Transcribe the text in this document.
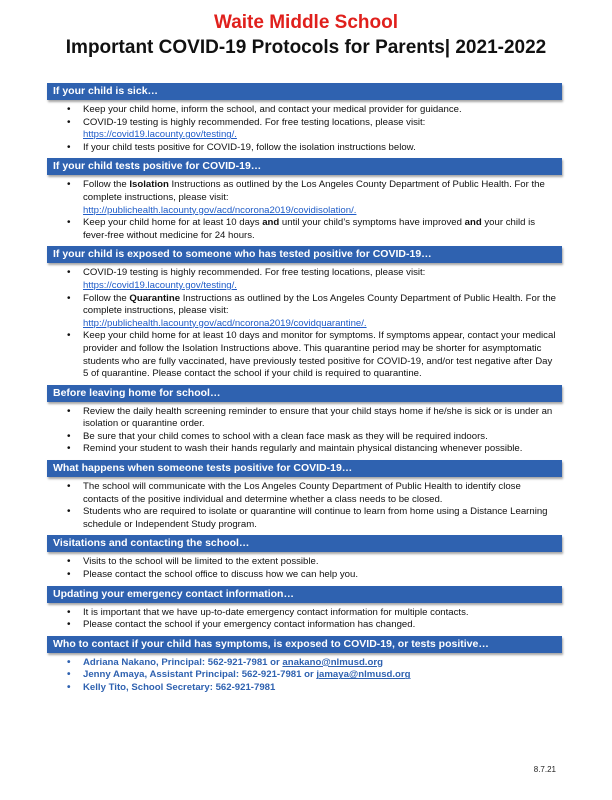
Waite Middle School
Important COVID-19 Protocols for Parents| 2021-2022
If your child is sick…
• Keep your child home, inform the school, and contact your medical provider for guidance.
• COVID-19 testing is highly recommended. For free testing locations, please visit:
https://covid19.lacounty.gov/testing/.
• If your child tests positive for COVID-19, follow the isolation instructions below.
If your child tests positive for COVID-19…
• Follow the Isolation Instructions as outlined by the Los Angeles County Department of Public Health. For the complete instructions, please visit:
http://publichealth.lacounty.gov/acd/ncorona2019/covidisolation/.
• Keep your child home for at least 10 days and until your child’s symptoms have improved and your child is fever-free without medicine for 24 hours.
If your child is exposed to someone who has tested positive for COVID-19…
• COVID-19 testing is highly recommended. For free testing locations, please visit:
https://covid19.lacounty.gov/testing/.
• Follow the Quarantine Instructions as outlined by the Los Angeles County Department of Public Health. For the complete instructions, please visit:
http://publichealth.lacounty.gov/acd/ncorona2019/covidquarantine/.
• Keep your child home for at least 10 days and monitor for symptoms. If symptoms appear, contact your medical provider and follow the Isolation Instructions above. This quarantine period may be shorter for asymptomatic students who are fully vaccinated, have previously tested positive for COVID-19, and/or test negative after Day 5 of quarantine. Please contact the school if your child is required to quarantine.
Before leaving home for school…
• Review the daily health screening reminder to ensure that your child stays home if he/she is sick or is under an isolation or quarantine order.
• Be sure that your child comes to school with a clean face mask as they will be required indoors.
• Remind your student to wash their hands regularly and maintain physical distancing whenever possible.
What happens when someone tests positive for COVID-19…
• The school will communicate with the Los Angeles County Department of Public Health to identify close contacts of the positive individual and determine whether a class needs to be closed.
• Students who are required to isolate or quarantine will continue to learn from home using a Distance Learning schedule or Independent Study program.
Visitations and contacting the school…
• Visits to the school will be limited to the extent possible.
• Please contact the school office to discuss how we can help you.
Updating your emergency contact information…
• It is important that we have up-to-date emergency contact information for multiple contacts.
• Please contact the school if your emergency contact information has changed.
Who to contact if your child has symptoms, is exposed to COVID-19, or tests positive…
• Adriana Nakano, Principal: 562-921-7981 or anakano@nlmusd.org
• Jenny Amaya, Assistant Principal: 562-921-7981 or jamaya@nlmusd.org
• Kelly Tito, School Secretary: 562-921-7981
8.7.21
